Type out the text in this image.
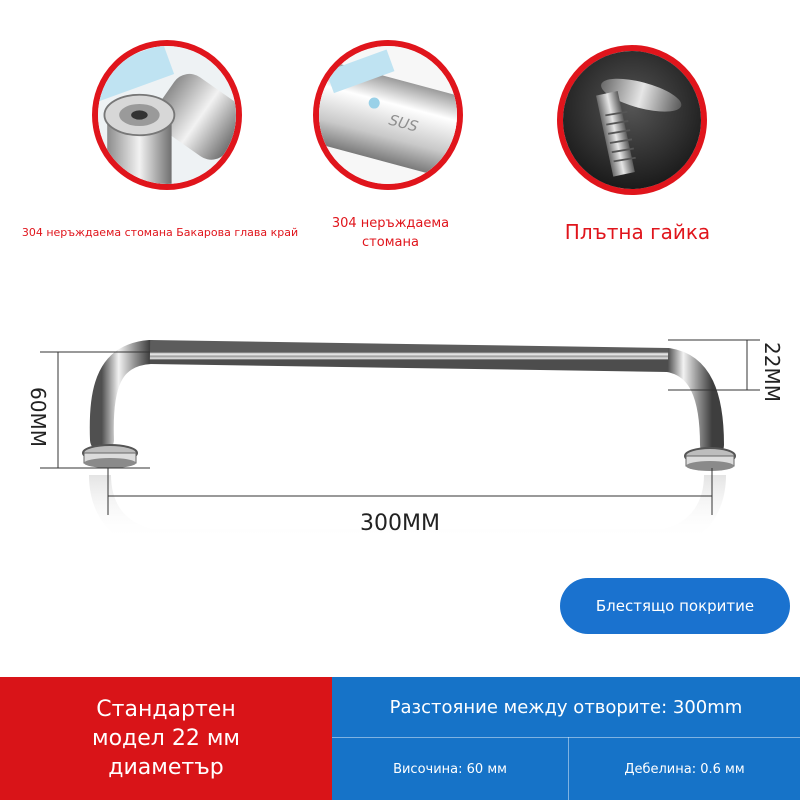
304 неръждаема стомана Бакарова глава край
SUS
304 неръждаема стомана	Плътна гайка
60MM
22MM
300MM
Блестящо покритие
Стандартен модел 22 мм диаметър
Разстояние между отворите: 300mm
Височина: 60 мм	Дебелина: 0.6 мм
